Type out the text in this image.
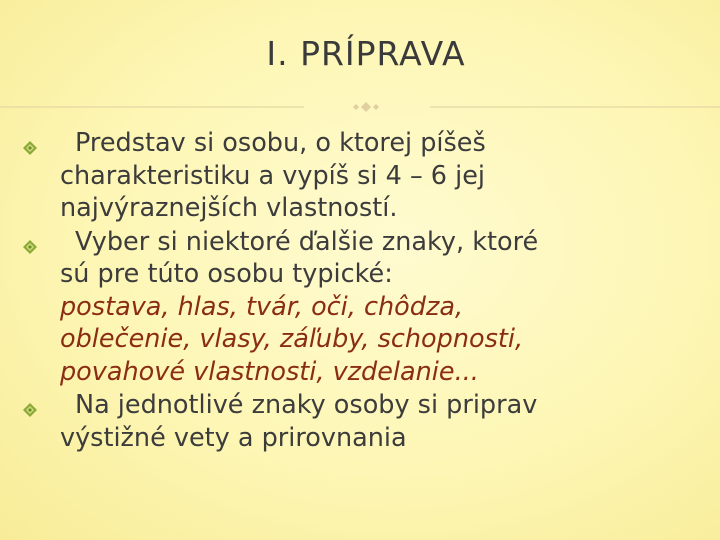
I. PRÍPRAVA
Predstav si osobu, o ktorej píšeš
charakteristiku a vypíš si 4 – 6 jej
najvýraznejších vlastností.
Vyber si niektoré ďalšie znaky, ktoré
sú pre túto osobu typické:
postava, hlas, tvár, oči, chôdza,
oblečenie, vlasy, záľuby, schopnosti,
povahové vlastnosti, vzdelanie...
Na jednotlivé znaky osoby si priprav
výstižné vety a prirovnania
